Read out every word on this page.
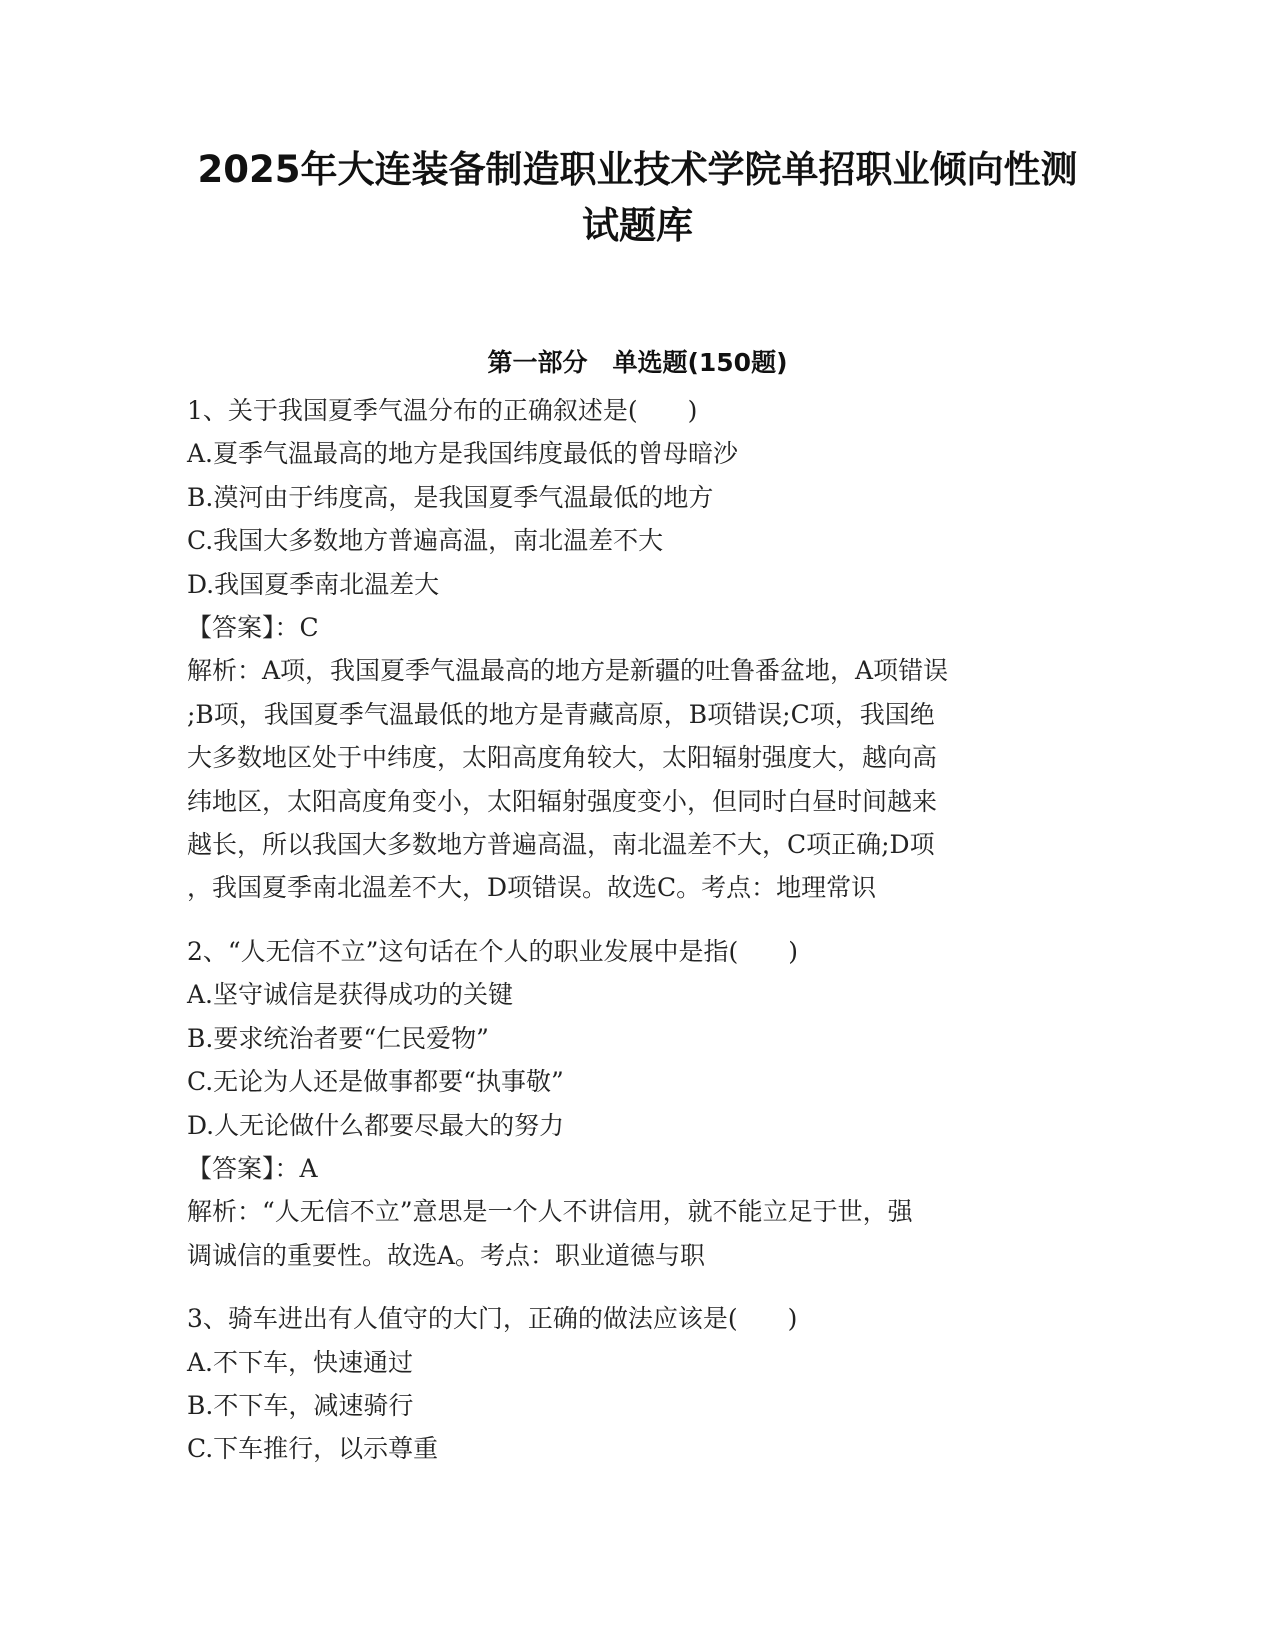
2025年大连装备制造职业技术学院单招职业倾向性测
试题库
第一部分　单选题(150题)
1、关于我国夏季气温分布的正确叙述是(　　)
A.夏季气温最高的地方是我国纬度最低的曾母暗沙
B.漠河由于纬度高，是我国夏季气温最低的地方
C.我国大多数地方普遍高温，南北温差不大
D.我国夏季南北温差大
【答案】：C
解析：A项，我国夏季气温最高的地方是新疆的吐鲁番盆地，A项错误
;B项，我国夏季气温最低的地方是青藏高原，B项错误;C项，我国绝
大多数地区处于中纬度，太阳高度角较大，太阳辐射强度大，越向高
纬地区，太阳高度角变小，太阳辐射强度变小，但同时白昼时间越来
越长，所以我国大多数地方普遍高温，南北温差不大，C项正确;D项
，我国夏季南北温差不大，D项错误。故选C。考点：地理常识
2、“人无信不立”这句话在个人的职业发展中是指(　　)
A.坚守诚信是获得成功的关键
B.要求统治者要“仁民爱物”
C.无论为人还是做事都要“执事敬”
D.人无论做什么都要尽最大的努力
【答案】：A
解析：“人无信不立”意思是一个人不讲信用，就不能立足于世，强
调诚信的重要性。故选A。考点：职业道德与职
3、骑车进出有人值守的大门，正确的做法应该是(　　)
A.不下车，快速通过
B.不下车，减速骑行
C.下车推行，以示尊重
